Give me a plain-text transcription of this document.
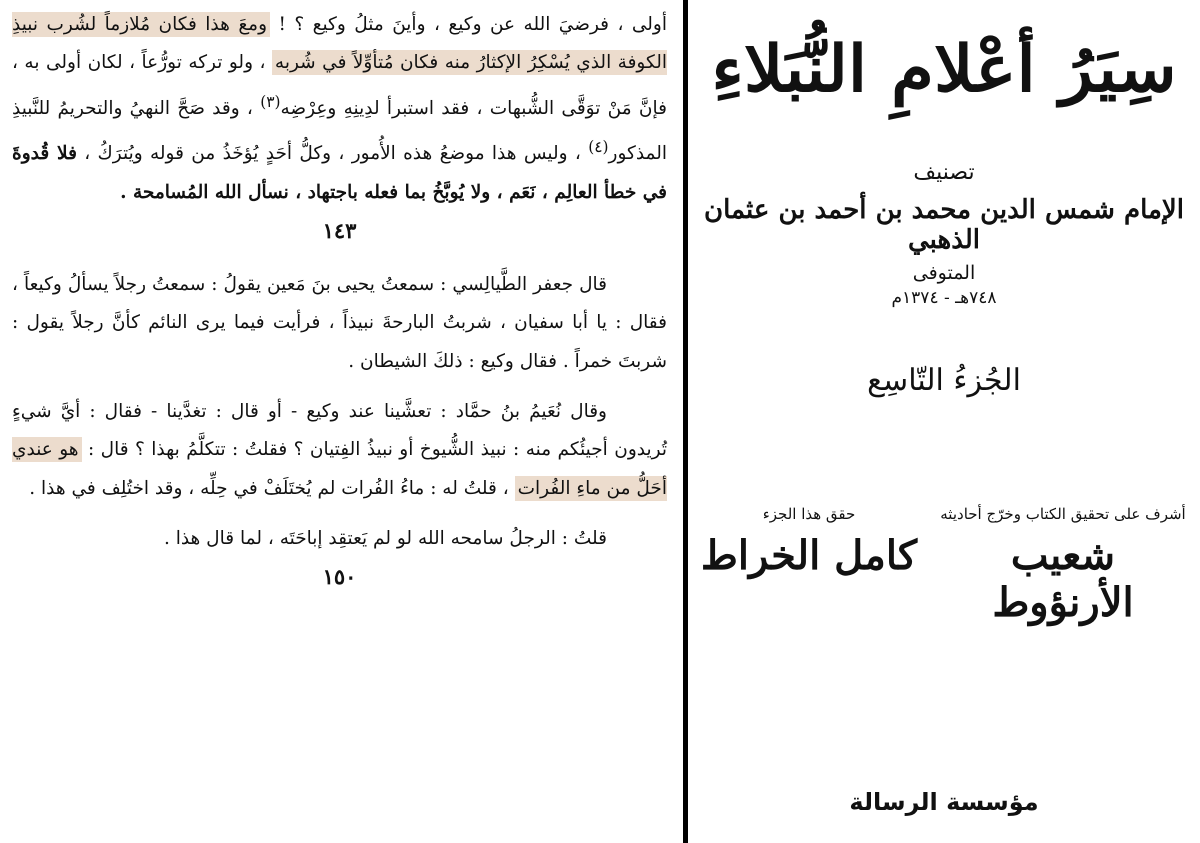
أولى ، فرضيَ الله عن وكيع ، وأينَ مثلُ وكيع ؟ ! ومعَ هذا فكان مُلازماً لشُرب نبيذِ الكوفة الذي يُسْكِرُ الإكثارُ منه فكان مُتأوِّلاً في شُربه ، ولو تركه تورُّعاً ، لكان أولى به ، فإنَّ مَنْ توَقَّى الشُّبهات ، فقد استبرأ لدِينِهِ وعِرْضِه$^{(٣)}$ ، وقد صَحَّ النهيُ والتحريمُ للنَّبيذِ المذكور$^{(٤)}$ ، وليس هذا موضعُ هذه الأُمور ، وكلُّ أحَدٍ يُؤخَذُ من قوله ويُترَكُ ، فلا قُدوةَ في خطأ العالِم ، نَعَم ، ولا يُوبَّخُ بما فعله باجتهاد ، نسأل الله المُسامحة .

١٤٣

قال جعفر الطَّيالِسي : سمعتُ يحيى بنَ مَعين يقولُ : سمعتُ رجلاً يسألُ وكيعاً ، فقال : يا أبا سفيان ، شربتُ البارحةَ نبيذاً ، فرأيت فيما يرى النائم كأنَّ رجلاً يقول : شربتَ خمراً . فقال وكيع : ذلكَ الشيطان .

وقال نُعَيمُ بنُ حمَّاد : تعشَّينا عند وكيع - أو قال : تغدَّينا - فقال : أيَّ شيءٍ تُريدون أجيئُكم منه : نبيذ الشُّيوخ أو نبيذُ الفِتيان ؟ فقلتُ : تتكلَّمُ بهذا ؟ قال : هو عندي أحَلُّ من ماءِ الفُرات ، قلتُ له : ماءُ الفُرات لم يُختَلَفْ في حِلِّه ، وقد اختُلِف في هذا .

قلتُ : الرجلُ سامحه الله لو لم يَعتقِد إباحَتَه ، لما قال هذا .

١٥٠
سِيَرُ أعْلامِ النُّبَلاءِ
تصنيف
الإمام شمس الدين محمد بن أحمد بن عثمان الذهبي
المتوفى
٧٤٨هـ - ١٣٧٤م
الجُزءُ التّاسِع
أشرف على تحقيق الكتاب وخرّج أحاديثه
شعيب الأرنؤوط
حقق هذا الجزء
كامل الخراط
مؤسسة الرسالة
